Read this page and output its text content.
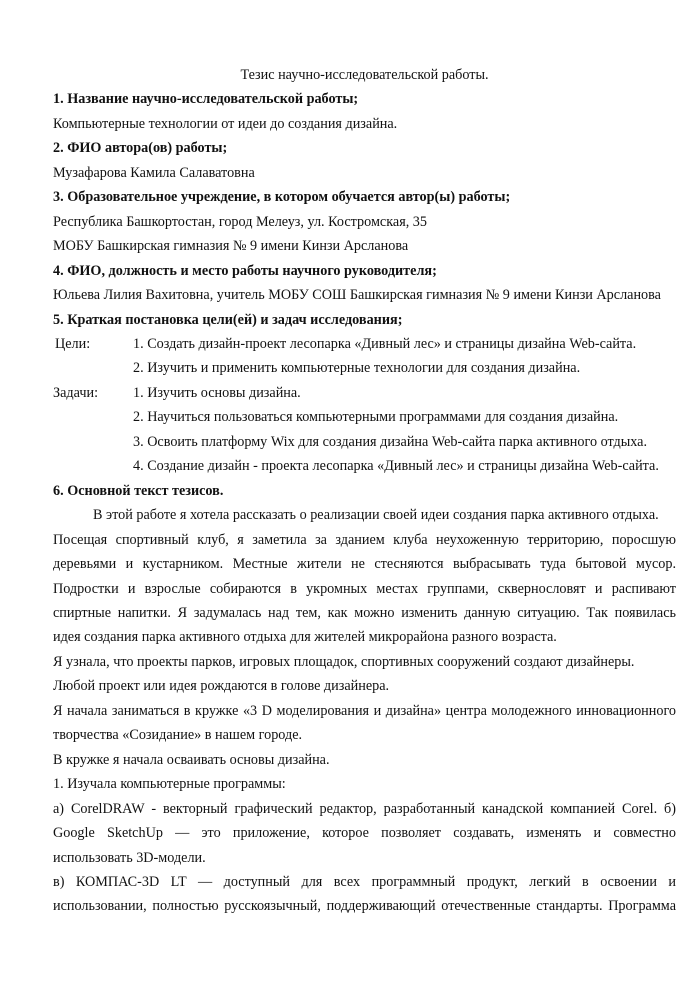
Тезис научно-исследовательской работы.
1. Название научно-исследовательской работы;
Компьютерные технологии от идеи до создания дизайна.
2. ФИО автора(ов) работы;
Музафарова Камила Салаватовна
3. Образовательное учреждение, в котором обучается автор(ы) работы;
Республика Башкортостан, город Мелеуз, ул. Костромская, 35
МОБУ Башкирская гимназия № 9 имени Кинзи Арсланова
4. ФИО, должность и место работы научного руководителя;
Юльева Лилия Вахитовна, учитель МОБУ СОШ Башкирская гимназия № 9 имени Кинзи Арсланова
5. Краткая постановка цели(ей) и задач исследования;
Цели:	1. Создать дизайн-проект лесопарка «Дивный лес» и страницы дизайна Web-сайта.
2. Изучить и применить компьютерные технологии для создания дизайна.
Задачи: 1. Изучить основы дизайна.
2. Научиться пользоваться компьютерными программами для создания дизайна.
3. Освоить платформу Wix для создания дизайна Web-сайта парка активного отдыха.
4. Создание дизайн - проекта лесопарка «Дивный лес» и страницы дизайна Web-сайта.
6. Основной текст тезисов.
В этой работе я хотела рассказать о реализации своей идеи создания парка активного отдыха.
Посещая спортивный клуб, я заметила за зданием клуба неухоженную территорию, поросшую
деревьями и кустарником. Местные жители не стесняются выбрасывать туда бытовой мусор.
Подростки и взрослые собираются в укромных местах группами, сквернословят и распивают
спиртные напитки. Я задумалась над тем, как можно изменить данную ситуацию. Так появилась
идея создания парка активного отдыха для жителей микрорайона разного возраста.
Я узнала, что проекты парков, игровых площадок, спортивных сооружений создают дизайнеры.
Любой проект или идея рождаются в голове дизайнера.
Я начала заниматься в кружке «3 D моделирования и дизайна» центра молодежного инновационного
творчества «Созидание» в нашем городе.
В кружке я начала осваивать основы дизайна.
1. Изучала компьютерные программы:
а) CorelDRAW - векторный графический редактор, разработанный канадской компанией Corel. б)
Google SketchUp — это приложение, которое позволяет создавать, изменять и совместно
использовать 3D-модели.
в) КОМПАС-3D LT — доступный для всех программный продукт, легкий в освоении и
использовании, полностью русскоязычный, поддерживающий отечественные стандарты. Программа
